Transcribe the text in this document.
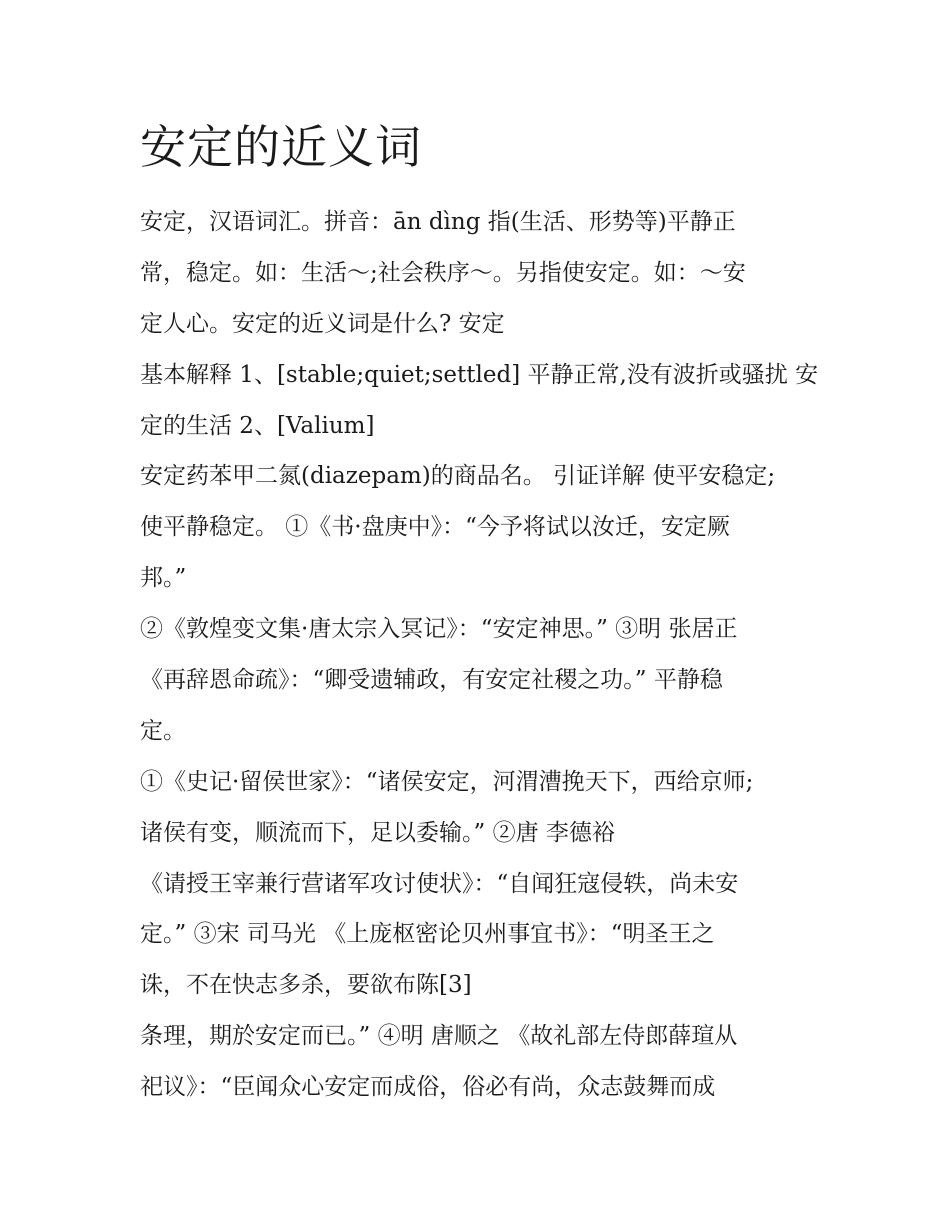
安定的近义词
安定，汉语词汇。拼音：ān dìng 指(生活、形势等)平静正
常，稳定。如：生活～;社会秩序～。另指使安定。如：～安
定人心。安定的近义词是什么? 安定
基本解释 1、[stable;quiet;settled] 平静正常,没有波折或骚扰 安
定的生活 2、[Valium]
安定药苯甲二氮(diazepam)的商品名。 引证详解 使平安稳定;
使平静稳定。 ①《书·盘庚中》：“今予将试以汝迁，安定厥
邦。”
②《敦煌变文集·唐太宗入冥记》：“安定神思。” ③明 张居正
《再辞恩命疏》：“卿受遗辅政，有安定社稷之功。” 平静稳
定。
①《史记·留侯世家》：“诸侯安定，河渭漕挽天下，西给京师;
诸侯有变，顺流而下，足以委输。” ②唐 李德裕
《请授王宰兼行营诸军攻讨使状》：“自闻狂寇侵轶，尚未安
定。” ③宋 司马光 《上庞枢密论贝州事宜书》：“明圣王之
诛，不在快志多杀，要欲布陈[3]
条理，期於安定而已。” ④明 唐顺之 《故礼部左侍郎薛瑄从
祀议》：“臣闻众心安定而成俗，俗必有尚，众志鼓舞而成
